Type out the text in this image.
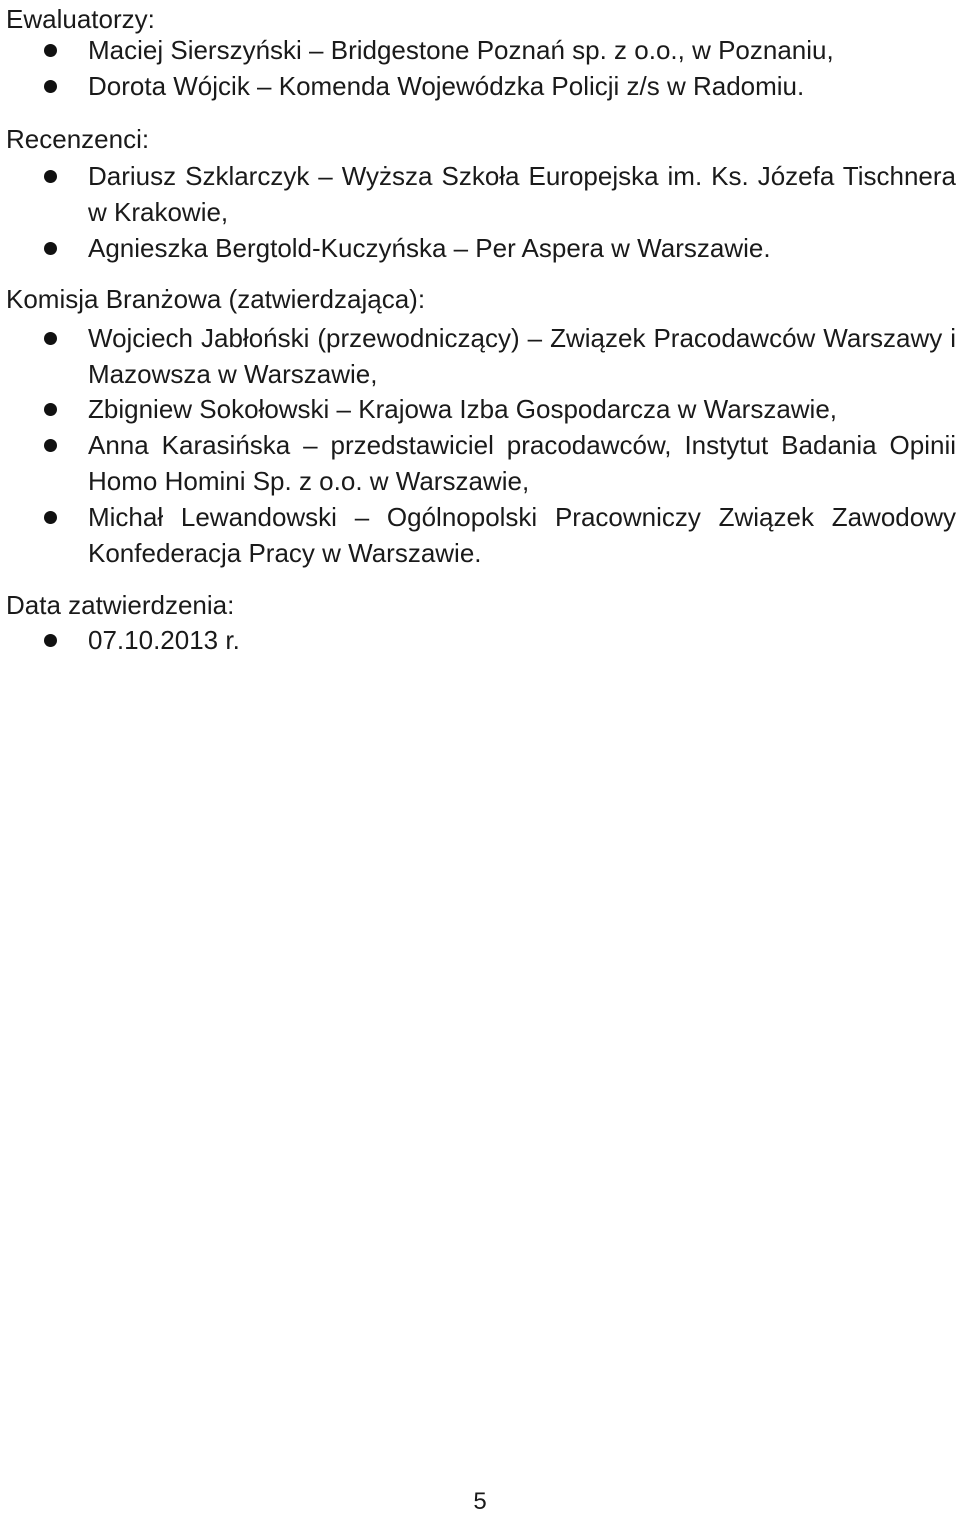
Ewaluatorzy:
Maciej Sierszyński – Bridgestone Poznań sp. z o.o., w Poznaniu,
Dorota Wójcik – Komenda Wojewódzka Policji z/s w Radomiu.
Recenzenci:
Dariusz Szklarczyk – Wyższa Szkoła Europejska im. Ks. Józefa Tischnera w Krakowie,
Agnieszka Bergtold-Kuczyńska – Per Aspera w Warszawie.
Komisja Branżowa (zatwierdzająca):
Wojciech Jabłoński (przewodniczący) – Związek Pracodawców Warszawy i Mazowsza w Warszawie,
Zbigniew Sokołowski – Krajowa Izba Gospodarcza w Warszawie,
Anna Karasińska – przedstawiciel pracodawców, Instytut Badania Opinii Homo Homini Sp. z o.o. w Warszawie,
Michał Lewandowski – Ogólnopolski Pracowniczy Związek Zawodowy Konfederacja Pracy w Warszawie.
Data zatwierdzenia:
07.10.2013 r.
5
